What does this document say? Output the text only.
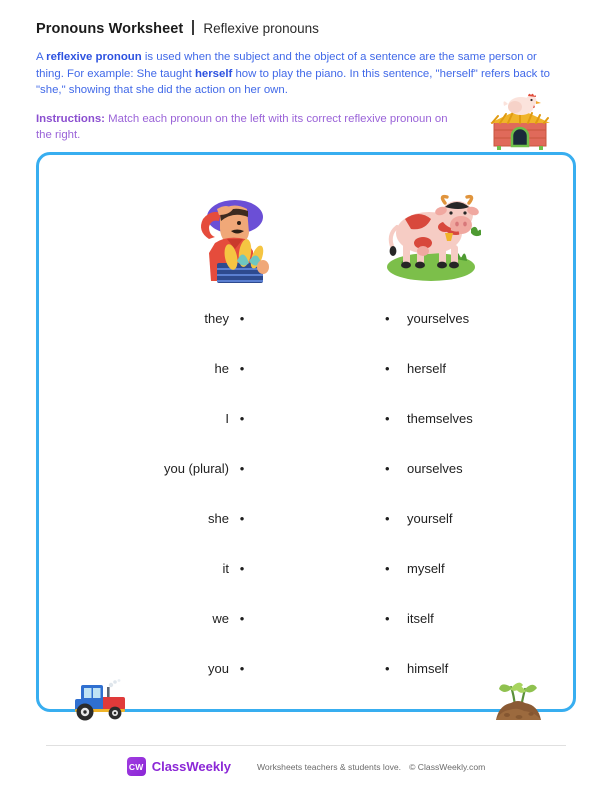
Pronouns Worksheet Reflexive pronouns
A reflexive pronoun is used when the subject and the object of a sentence are the same person or thing. For example: She taught herself how to play the piano. In this sentence, "herself" refers back to "she," showing that she did the action on her own.
Instructions: Match each pronoun on the left with its correct reflexive pronoun on the right.
they •	•	yourselves
he •	•	herself
I •	•	themselves
you (plural) •	•	ourselves
she •	•	yourself
it •	•	myself
we •	•	itself
you •	•	himself
CW ClassWeekly	Worksheets teachers & students love. © ClassWeekly.com
